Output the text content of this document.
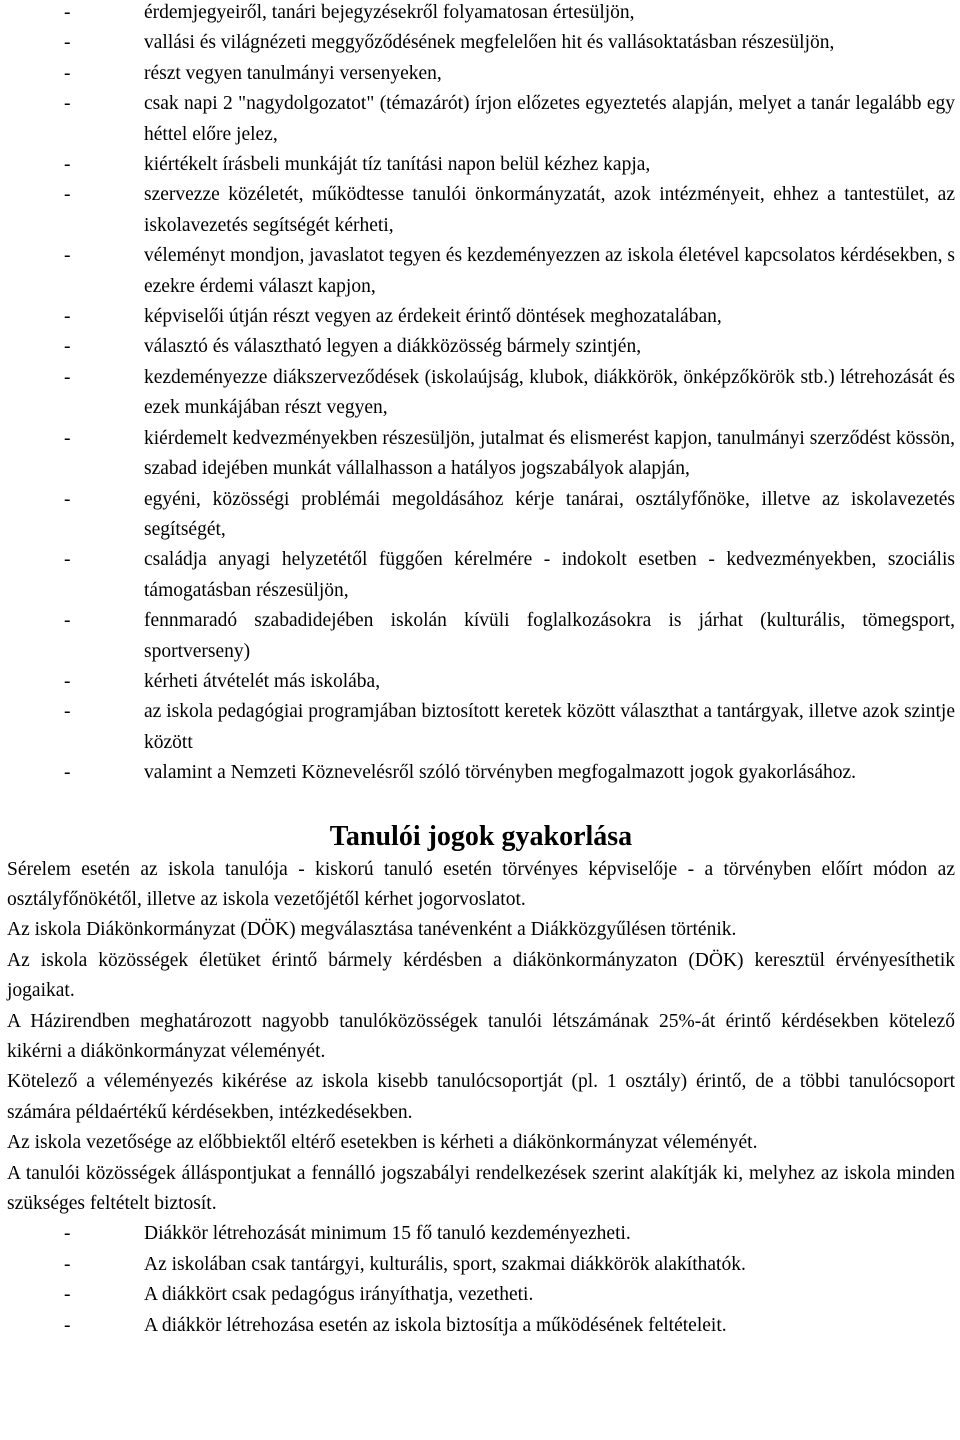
-	érdemjegyeiről, tanári bejegyzésekről folyamatosan értesüljön,
-	vallási és világnézeti meggyőződésének megfelelően hit és vallásoktatásban részesüljön,
-	részt vegyen tanulmányi versenyeken,
-	csak napi 2 "nagydolgozatot" (témazárót) írjon előzetes egyeztetés alapján, melyet a tanár legalább egy héttel előre jelez,
-	kiértékelt írásbeli munkáját tíz tanítási napon belül kézhez kapja,
-	szervezze közéletét, működtesse tanulói önkormányzatát, azok intézményeit, ehhez a tantestület, az iskolavezetés segítségét kérheti,
-	véleményt mondjon, javaslatot tegyen és kezdeményezzen az iskola életével kapcsolatos kérdésekben, s ezekre érdemi választ kapjon,
-	képviselői útján részt vegyen az érdekeit érintő döntések meghozatalában,
-	választó és választható legyen a diákközösség bármely szintjén,
-	kezdeményezze diákszerveződések (iskolaújság, klubok, diákkörök, önképzőkörök stb.) létrehozását és ezek munkájában részt vegyen,
-	kiérdemelt kedvezményekben részesüljön, jutalmat és elismerést kapjon, tanulmányi szerződést kössön, szabad idejében munkát vállalhasson a hatályos jogszabályok alapján,
-	egyéni, közösségi problémái megoldásához kérje tanárai, osztályfőnöke, illetve az iskolavezetés segítségét,
-	családja anyagi helyzetétől függően kérelmére - indokolt esetben - kedvezményekben, szociális támogatásban részesüljön,
-	fennmaradó szabadidejében iskolán kívüli foglalkozásokra is járhat (kulturális, tömegsport, sportverseny)
-	kérheti átvételét más iskolába,
-	az iskola pedagógiai programjában biztosított keretek között választhat a tantárgyak, illetve azok szintje között
-	valamint a Nemzeti Köznevelésről szóló törvényben megfogalmazott jogok gyakorlásához.
Tanulói jogok gyakorlása

Sérelem esetén az iskola tanulója - kiskorú tanuló esetén törvényes képviselője - a törvényben előírt módon az osztályfőnökétől, illetve az iskola vezetőjétől kérhet jogorvoslatot.

Az iskola Diákönkormányzat (DÖK) megválasztása tanévenként a Diákközgyűlésen történik.

Az iskola közösségek életüket érintő bármely kérdésben a diákönkormányzaton (DÖK) keresztül érvényesíthetik jogaikat.

A Házirendben meghatározott nagyobb tanulóközösségek tanulói létszámának 25%-át érintő kérdésekben kötelező kikérni a diákönkormányzat véleményét.

Kötelező a véleményezés kikérése az iskola kisebb tanulócsoportját (pl. 1 osztály) érintő, de a többi tanulócsoport számára példaértékű kérdésekben, intézkedésekben.

Az iskola vezetősége az előbbiektől eltérő esetekben is kérheti a diákönkormányzat véleményét.

A tanulói közösségek álláspontjukat a fennálló jogszabályi rendelkezések szerint alakítják ki, melyhez az iskola minden szükséges feltételt biztosít.

-	Diákkör létrehozását minimum 15 fő tanuló kezdeményezheti.
-	Az iskolában csak tantárgyi, kulturális, sport, szakmai diákkörök alakíthatók.
-	A diákkört csak pedagógus irányíthatja, vezetheti.
-	A diákkör létrehozása esetén az iskola biztosítja a működésének feltételeit.
